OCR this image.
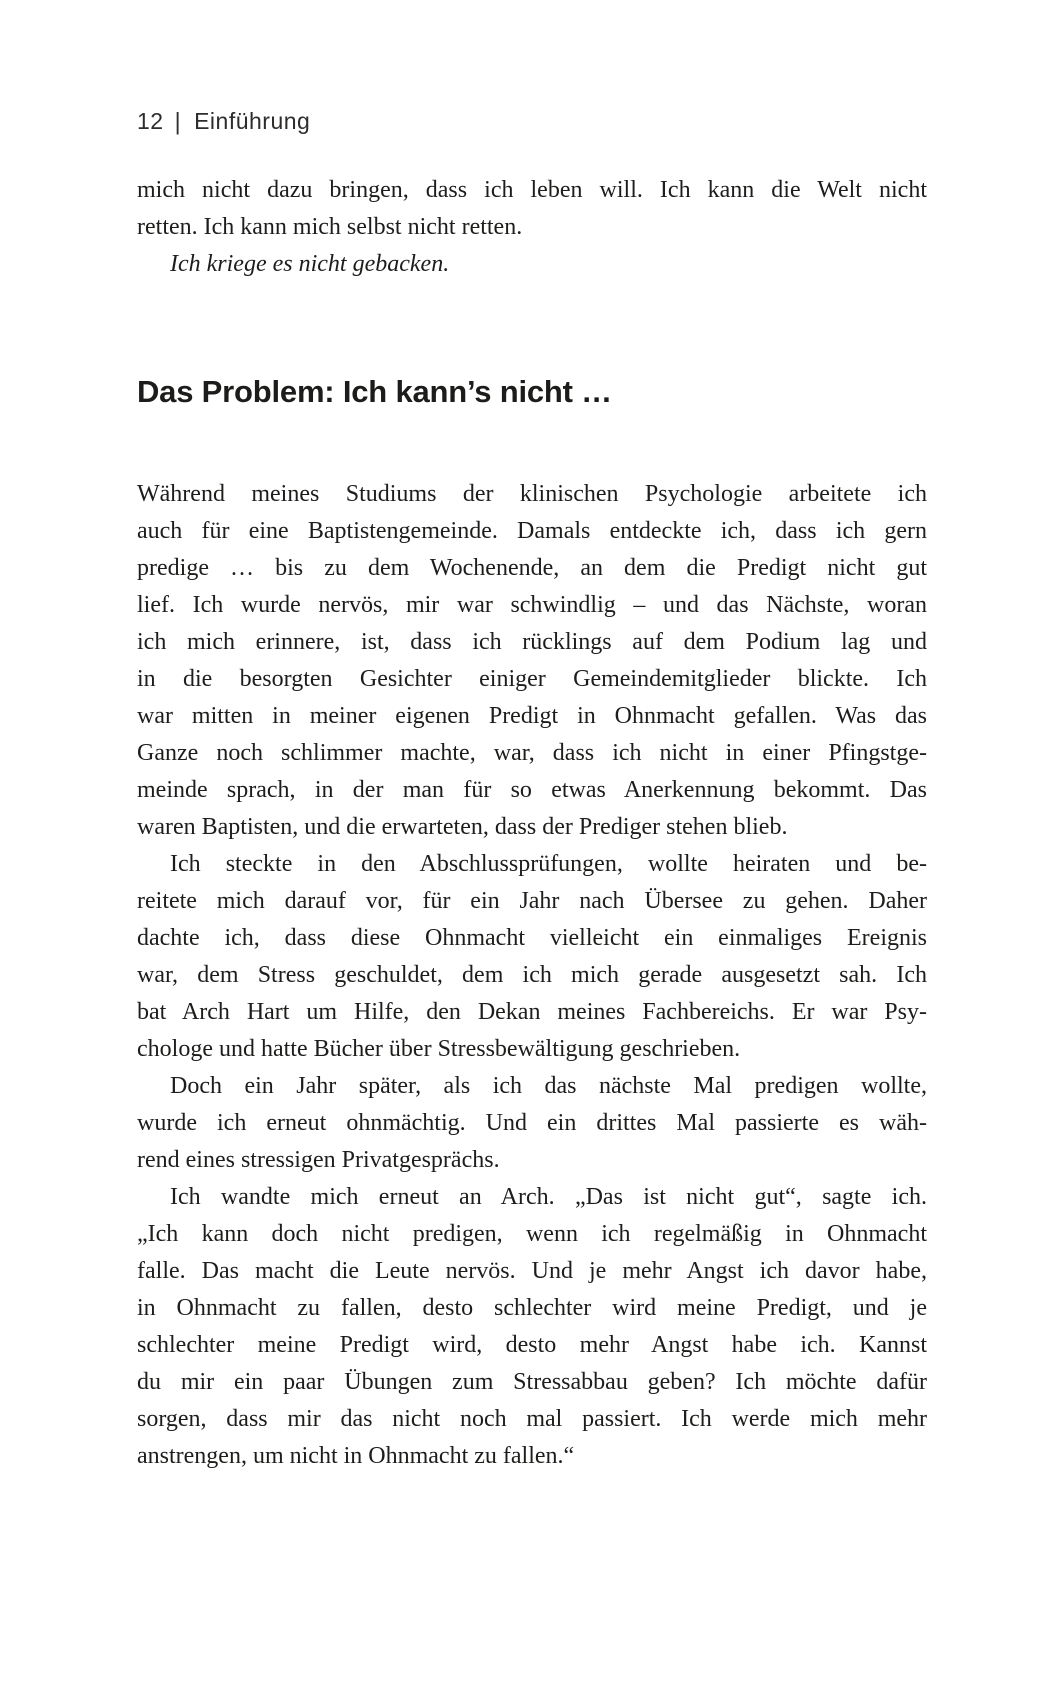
12 | Einführung
mich nicht dazu bringen, dass ich leben will. Ich kann die Welt nicht
retten. Ich kann mich selbst nicht retten.
Ich kriege es nicht gebacken.
Das Problem: Ich kann’s nicht …
Während meines Studiums der klinischen Psychologie arbeitete ich
auch für eine Baptistengemeinde. Damals entdeckte ich, dass ich gern
predige … bis zu dem Wochenende, an dem die Predigt nicht gut
lief. Ich wurde nervös, mir war schwindlig – und das Nächste, woran
ich mich erinnere, ist, dass ich rücklings auf dem Podium lag und
in die besorgten Gesichter einiger Gemeindemitglieder blickte. Ich
war mitten in meiner eigenen Predigt in Ohnmacht gefallen. Was das
Ganze noch schlimmer machte, war, dass ich nicht in einer Pfingstge-
meinde sprach, in der man für so etwas Anerkennung bekommt. Das
waren Baptisten, und die erwarteten, dass der Prediger stehen blieb.
Ich steckte in den Abschlussprüfungen, wollte heiraten und be-
reitete mich darauf vor, für ein Jahr nach Übersee zu gehen. Daher
dachte ich, dass diese Ohnmacht vielleicht ein einmaliges Ereignis
war, dem Stress geschuldet, dem ich mich gerade ausgesetzt sah. Ich
bat Arch Hart um Hilfe, den Dekan meines Fachbereichs. Er war Psy-
chologe und hatte Bücher über Stressbewältigung geschrieben.
Doch ein Jahr später, als ich das nächste Mal predigen wollte,
wurde ich erneut ohnmächtig. Und ein drittes Mal passierte es wäh-
rend eines stressigen Privatgesprächs.
Ich wandte mich erneut an Arch. „Das ist nicht gut“, sagte ich.
„Ich kann doch nicht predigen, wenn ich regelmäßig in Ohnmacht
falle. Das macht die Leute nervös. Und je mehr Angst ich davor habe,
in Ohnmacht zu fallen, desto schlechter wird meine Predigt, und je
schlechter meine Predigt wird, desto mehr Angst habe ich. Kannst
du mir ein paar Übungen zum Stressabbau geben? Ich möchte dafür
sorgen, dass mir das nicht noch mal passiert. Ich werde mich mehr
anstrengen, um nicht in Ohnmacht zu fallen.“
